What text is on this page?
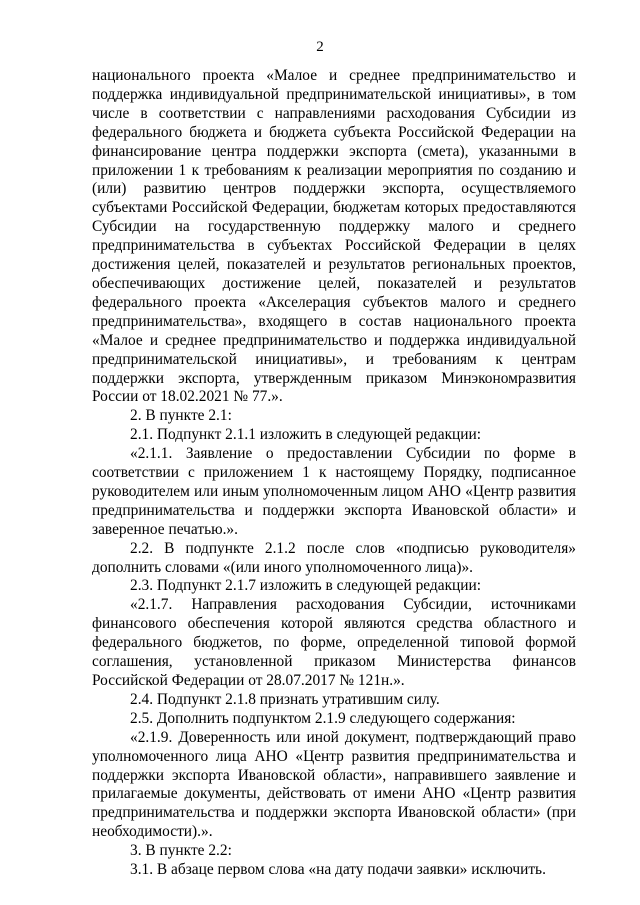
2

национального проекта «Малое и среднее предпринимательство и поддержка индивидуальной предпринимательской инициативы», в том числе в соответствии с направлениями расходования Субсидии из федерального бюджета и бюджета субъекта Российской Федерации на финансирование центра поддержки экспорта (смета), указанными в приложении 1 к требованиям к реализации мероприятия по созданию и (или) развитию центров поддержки экспорта, осуществляемого субъектами Российской Федерации, бюджетам которых предоставляются Субсидии на государственную поддержку малого и среднего предпринимательства в субъектах Российской Федерации в целях достижения целей, показателей и результатов региональных проектов, обеспечивающих достижение целей, показателей и результатов федерального проекта «Акселерация субъектов малого и среднего предпринимательства», входящего в состав национального проекта «Малое и среднее предпринимательство и поддержка индивидуальной предпринимательской инициативы», и требованиям к центрам поддержки экспорта, утвержденным приказом Минэкономразвития России от 18.02.2021 № 77.».

2. В пункте 2.1:

2.1. Подпункт 2.1.1 изложить в следующей редакции:

«2.1.1. Заявление о предоставлении Субсидии по форме в соответствии с приложением 1 к настоящему Порядку, подписанное руководителем или иным уполномоченным лицом АНО «Центр развития предпринимательства и поддержки экспорта Ивановской области» и заверенное печатью.».

2.2. В подпункте 2.1.2 после слов «подписью руководителя» дополнить словами «(или иного уполномоченного лица)».

2.3. Подпункт 2.1.7 изложить в следующей редакции:

«2.1.7. Направления расходования Субсидии, источниками финансового обеспечения которой являются средства областного и федерального бюджетов, по форме, определенной типовой формой соглашения, установленной приказом Министерства финансов Российской Федерации от 28.07.2017 № 121н.».

2.4. Подпункт 2.1.8 признать утратившим силу.

2.5. Дополнить подпунктом 2.1.9 следующего содержания:

«2.1.9. Доверенность или иной документ, подтверждающий право уполномоченного лица АНО «Центр развития предпринимательства и поддержки экспорта Ивановской области», направившего заявление и прилагаемые документы, действовать от имени АНО «Центр развития предпринимательства и поддержки экспорта Ивановской области» (при необходимости).».

3. В пункте 2.2:

3.1. В абзаце первом слова «на дату подачи заявки» исключить.
